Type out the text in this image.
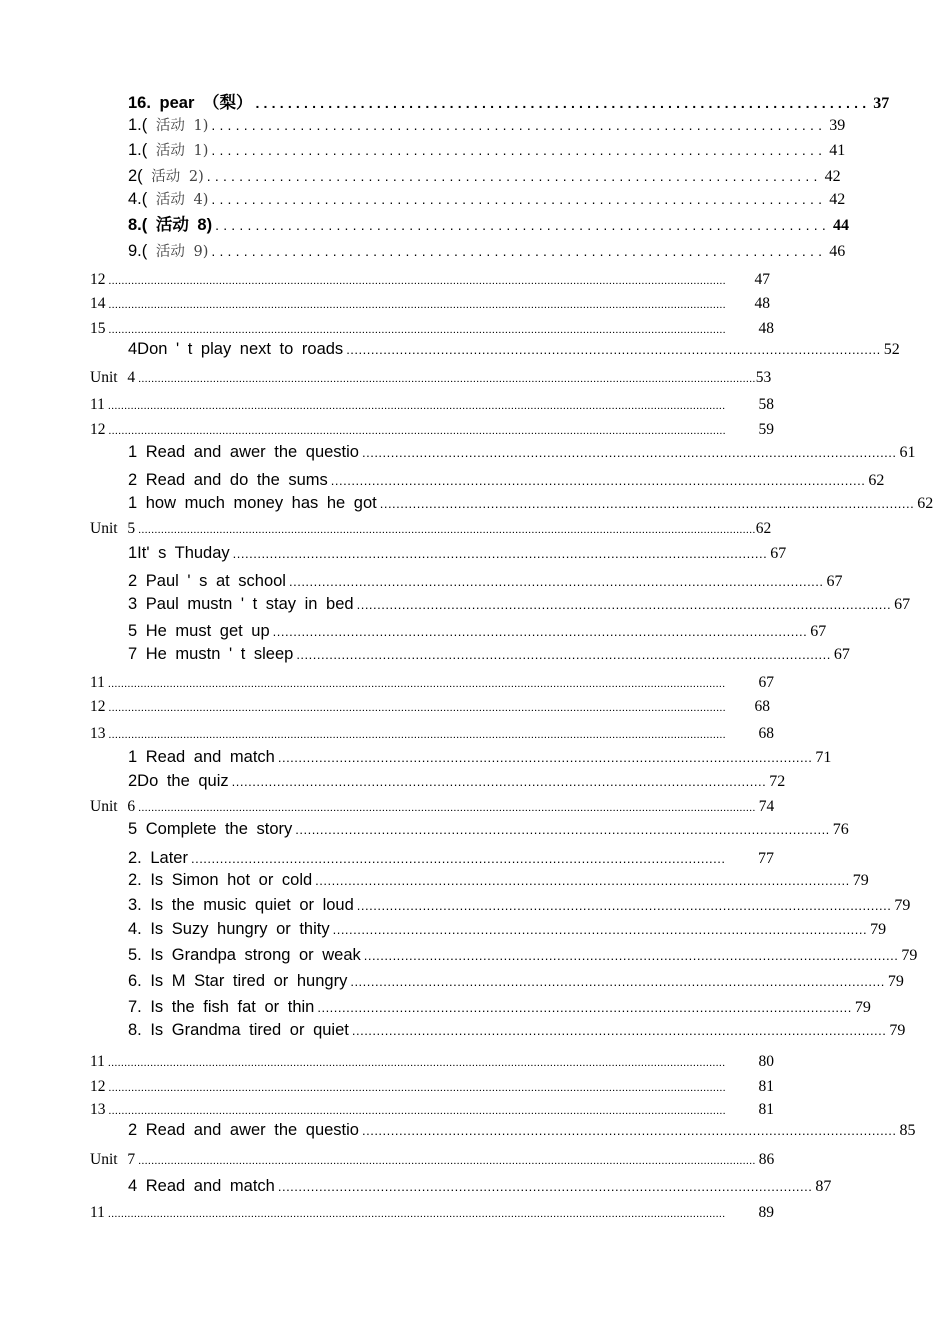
16. pear （梨） ............................................................................ 37
1.( 活动 1) ............................................................................ 39
1.( 活动 1) ............................................................................ 41
2( 活动 2) ............................................................................ 42
4.( 活动 4) ............................................................................ 42
8.( 活动 8) ............................................................................ 44
9.( 活动 9) ............................................................................ 46
12 ..............................................................................................................................................................................................	47
14 ..............................................................................................................................................................................................	48
15 ..............................................................................................................................................................................................	48
4Don ' t play next to roads .................................................................................................................................. 52
Unit 4 .............................................................................................................................................................................................. 53
11 ..............................................................................................................................................................................................	58
12 ..............................................................................................................................................................................................	59
1 Read and awer the questio .................................................................................................................................. 61
2 Read and do the sums .................................................................................................................................. 62
1 how much money has he got .................................................................................................................................. 62
Unit 5 .............................................................................................................................................................................................. 62
1It' s Thuday .................................................................................................................................. 67
2 Paul ' s at school .................................................................................................................................. 67
3 Paul mustn ' t stay in bed .................................................................................................................................. 67
5 He must get up .................................................................................................................................. 67
7 He mustn ' t sleep .................................................................................................................................. 67
11 ..............................................................................................................................................................................................	67
12 ..............................................................................................................................................................................................	68
13 ..............................................................................................................................................................................................	68
1 Read and match .................................................................................................................................. 71
2Do the quiz .................................................................................................................................. 72
Unit 6 .............................................................................................................................................................................................. 74
5 Complete the story .................................................................................................................................. 76
2. Later ..................................................................................................................................	77
2. Is Simon hot or cold .................................................................................................................................. 79
3. Is the music quiet or loud .................................................................................................................................. 79
4. Is Suzy hungry or thity .................................................................................................................................. 79
5. Is Grandpa strong or weak .................................................................................................................................. 79
6. Is M Star tired or hungry .................................................................................................................................. 79
7. Is the fish fat or thin .................................................................................................................................. 79
8. Is Grandma tired or quiet .................................................................................................................................. 79
11 ..............................................................................................................................................................................................	80
12 ..............................................................................................................................................................................................	81
13 ..............................................................................................................................................................................................	81
2 Read and awer the questio .................................................................................................................................. 85
Unit 7 .............................................................................................................................................................................................. 86
4 Read and match .................................................................................................................................. 87
11 ..............................................................................................................................................................................................	89
